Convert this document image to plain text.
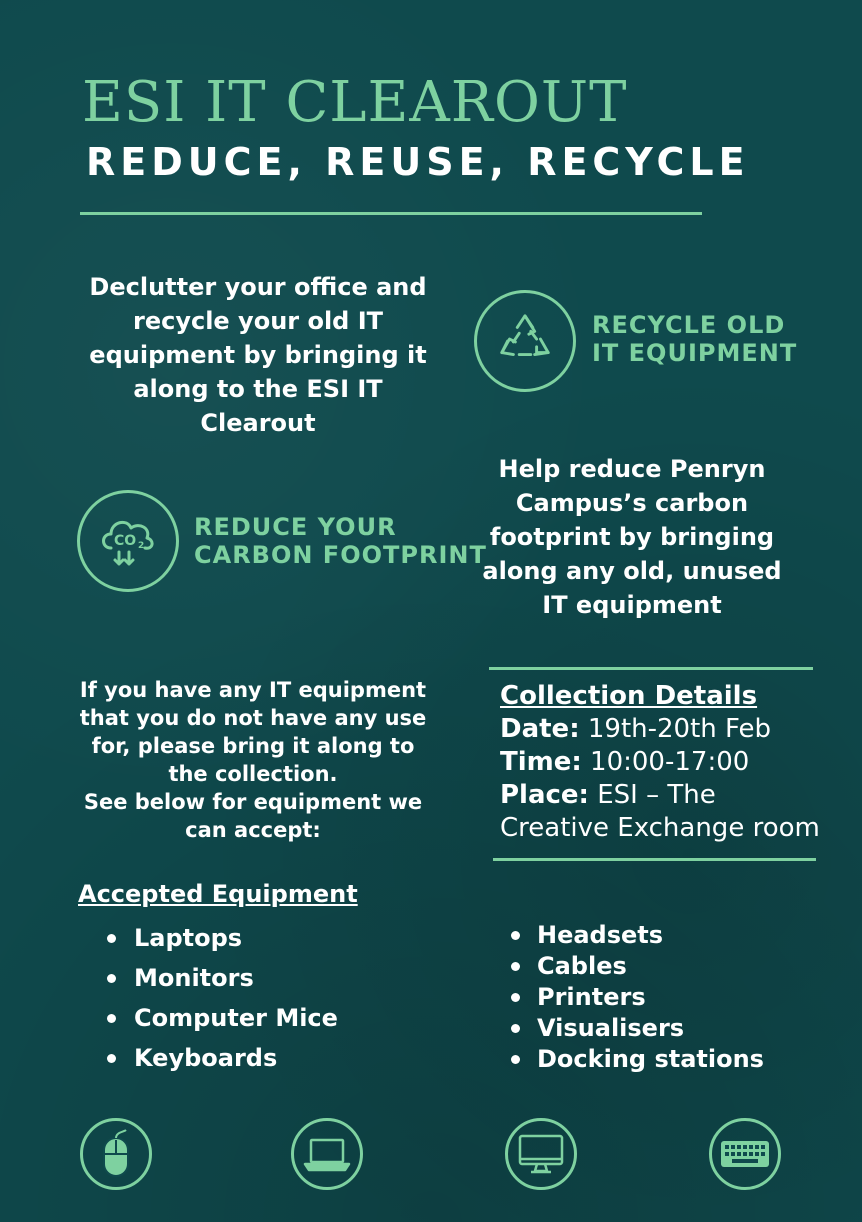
ESI IT CLEAROUT
REDUCE, REUSE, RECYCLE
Declutter your office and recycle your old IT equipment by bringing it along to the ESI IT Clearout
RECYCLE OLD
IT EQUIPMENT
CO 2
REDUCE YOUR
CARBON FOOTPRINT
Help reduce Penryn Campus’s carbon footprint by bringing along any old, unused IT equipment
If you have any IT equipment that you do not have any use for, please bring it along to the collection.
See below for equipment we can accept:
Collection Details
Date: 19th-20th Feb
Time: 10:00-17:00
Place: ESI – The Creative Exchange room
Accepted Equipment
Laptops
Monitors
Computer Mice
Keyboards
Headsets
Cables
Printers
Visualisers
Docking stations
